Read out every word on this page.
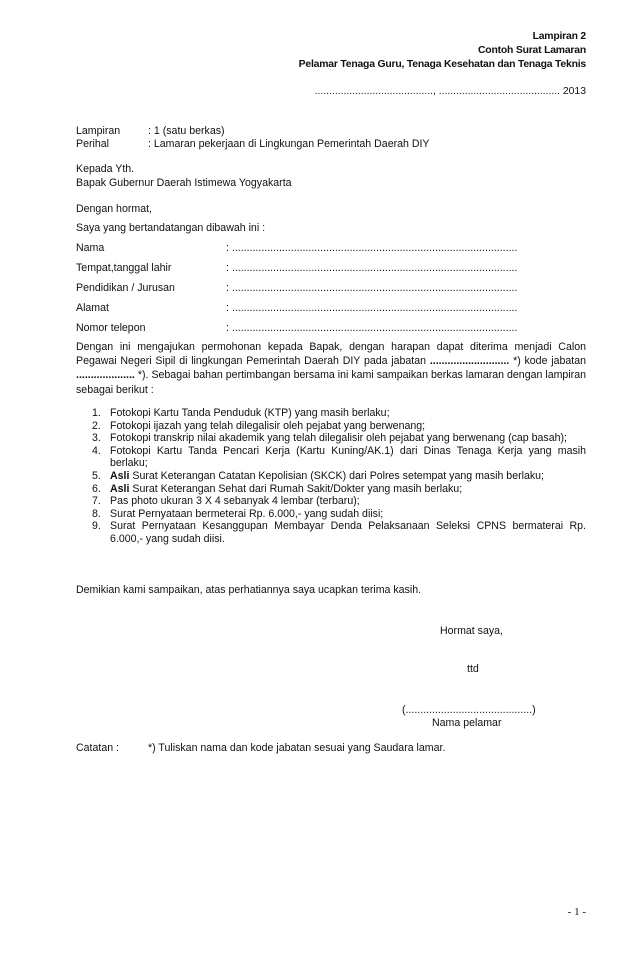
Lampiran 2
Contoh Surat Lamaran
Pelamar Tenaga Guru, Tenaga Kesehatan dan Tenaga Teknis
........................................., .......................................... 2013
Lampiran	: 1 (satu berkas)
Perihal	: Lamaran pekerjaan di Lingkungan Pemerintah Daerah DIY
Kepada Yth.
Bapak Gubernur Daerah Istimewa Yogyakarta
Dengan hormat,
Saya yang bertandatangan dibawah ini :
Nama	: .................................................................................................
Tempat,tanggal lahir	: .................................................................................................
Pendidikan / Jurusan	: .................................................................................................
Alamat	: .................................................................................................
Nomor telepon	: .................................................................................................
Dengan ini mengajukan permohonan kepada Bapak, dengan harapan dapat diterima menjadi Calon Pegawai Negeri Sipil di lingkungan Pemerintah Daerah DIY pada jabatan ........................... *) kode jabatan .................... *). Sebagai bahan pertimbangan bersama ini kami sampaikan berkas lamaran dengan lampiran sebagai berikut :
1. Fotokopi Kartu Tanda Penduduk (KTP) yang masih berlaku;
2. Fotokopi ijazah yang telah dilegalisir oleh pejabat yang berwenang;
3. Fotokopi transkrip nilai akademik yang telah dilegalisir oleh pejabat yang berwenang (cap basah);
4. Fotokopi Kartu Tanda Pencari Kerja (Kartu Kuning/AK.1) dari Dinas Tenaga Kerja yang masih berlaku;
5. Asli Surat Keterangan Catatan Kepolisian (SKCK) dari Polres setempat yang masih berlaku;
6. Asli Surat Keterangan Sehat dari Rumah Sakit/Dokter yang masih berlaku;
7. Pas photo ukuran 3 X 4 sebanyak 4 lembar (terbaru);
8. Surat Pernyataan bermeterai Rp. 6.000,- yang sudah diisi;
9. Surat Pernyataan Kesanggupan Membayar Denda Pelaksanaan Seleksi CPNS bermaterai Rp. 6.000,- yang sudah diisi.
Demikian kami sampaikan, atas perhatiannya saya ucapkan terima kasih.
Hormat saya,
ttd
(...........................................)
Nama pelamar
Catatan :	*) Tuliskan nama dan kode jabatan sesuai yang Saudara lamar.
- 1 -
